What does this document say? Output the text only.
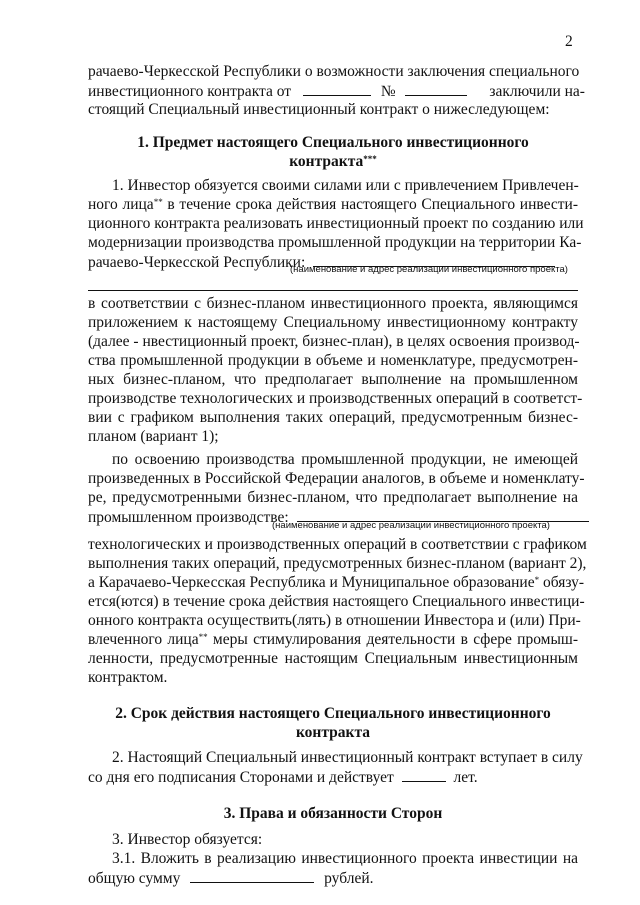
2
рачаево-Черкесской Республики о возможности заключения специального
инвестиционного контракта от	№	заключили на-
стоящий Специальный инвестиционный контракт о нижеследующем:
1. Предмет настоящего Специального инвестиционного
контракта***
1. Инвестор обязуется своими силами или с привлечением Привлечен-
ного лица** в течение срока действия настоящего Специального инвести-
ционного контракта реализовать инвестиционный проект по созданию или
модернизации производства промышленной продукции на территории Ка-
рачаево-Черкесской Республики:
(наименование и адрес реализации инвестиционного проекта)
в соответствии с бизнес-планом инвестиционного проекта, являющимся
приложением к настоящему Специальному инвестиционному контракту
(далее - нвестиционный проект, бизнес-план), в целях освоения производ-
ства промышленной продукции в объеме и номенклатуре, предусмотрен-
ных бизнес-планом, что предполагает выполнение на промышленном
производстве технологических и производственных операций в соответст-
вии с графиком выполнения таких операций, предусмотренным бизнес-
планом (вариант 1);
по освоению производства промышленной продукции, не имеющей
произведенных в Российской Федерации аналогов, в объеме и номенклату-
ре, предусмотренными бизнес-планом, что предполагает выполнение на
промышленном производстве:
(наименование и адрес реализации инвестиционного проекта)
технологических и производственных операций в соответствии с графиком
выполнения таких операций, предусмотренных бизнес-планом (вариант 2),
а Карачаево-Черкесская Республика и Муниципальное образование* обязу-
ется(ются) в течение срока действия настоящего Специального инвестици-
онного контракта осуществить(лять) в отношении Инвестора и (или) При-
влеченного лица** меры стимулирования деятельности в сфере промыш-
ленности, предусмотренные настоящим Специальным инвестиционным
контрактом.
2. Срок действия настоящего Специального инвестиционного
контракта
2. Настоящий Специальный инвестиционный контракт вступает в силу
со дня его подписания Сторонами и действует	лет.
3. Права и обязанности Сторон
3. Инвестор обязуется:
3.1. Вложить в реализацию инвестиционного проекта инвестиции на
общую сумму	рублей.
